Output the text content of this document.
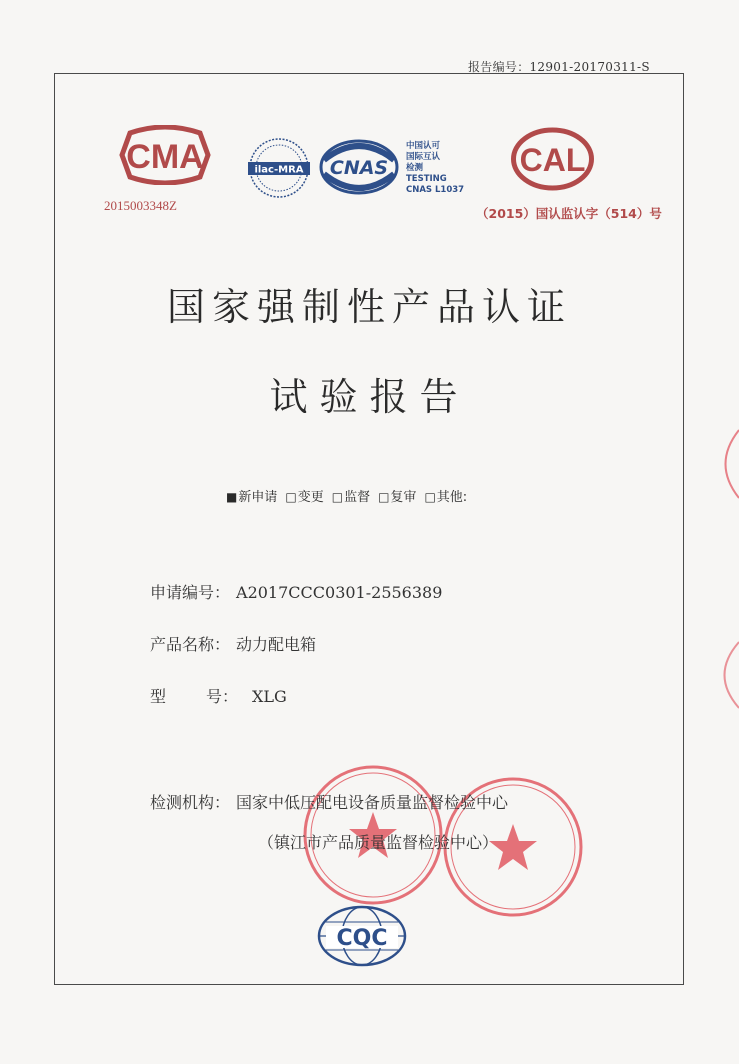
报告编号：12901-20170311-S
CMA
2015003348Z
ilac-MRA CNAS
中国认可
国际互认
检测
TESTING
CNAS L1037
CAL
（2015）国认监认字（514）号
国家强制性产品认证
试验报告
■新申请 □变更 □监督 □复审 □其他:
申请编号： A2017CCC0301-2556389
产品名称： 动力配电箱
型 号： XLG
检测机构： 国家中低压配电设备质量监督检验中心
（镇江市产品质量监督检验中心）
CQC
